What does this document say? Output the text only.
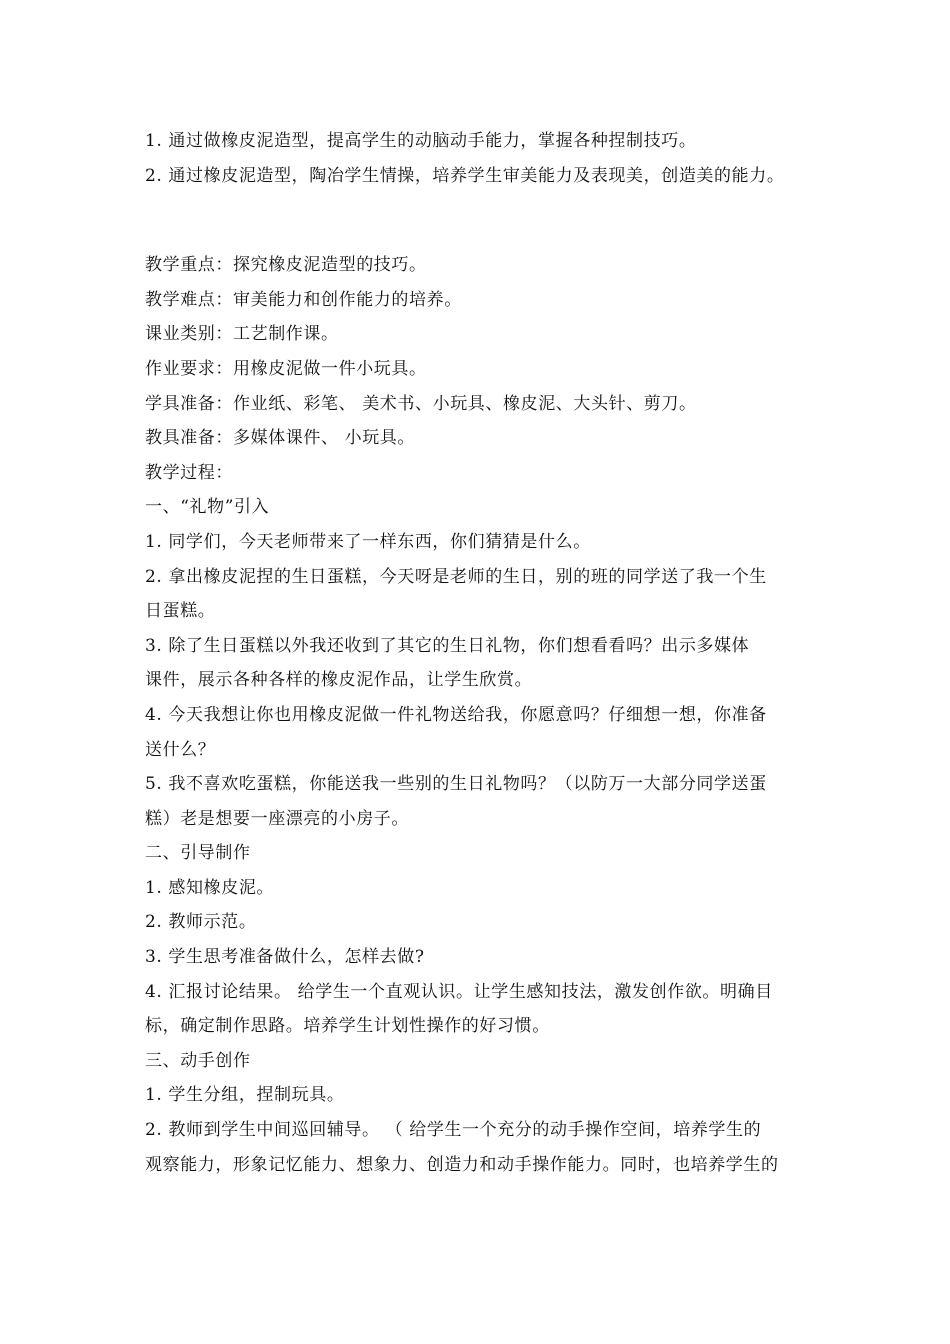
1. 通过做橡皮泥造型，提高学生的动脑动手能力，掌握各种捏制技巧。
2. 通过橡皮泥造型，陶冶学生情操，培养学生审美能力及表现美，创造美的能力。
教学重点：探究橡皮泥造型的技巧。
教学难点：审美能力和创作能力的培养。
课业类别：工艺制作课。
作业要求：用橡皮泥做一件小玩具。
学具准备：作业纸、彩笔、 美术书、小玩具、橡皮泥、大头针、剪刀。
教具准备：多媒体课件、 小玩具。
教学过程：
一、“礼物”引入
1. 同学们，今天老师带来了一样东西，你们猜猜是什么。
2. 拿出橡皮泥捏的生日蛋糕，今天呀是老师的生日，别的班的同学送了我一个生
日蛋糕。
3. 除了生日蛋糕以外我还收到了其它的生日礼物，你们想看看吗？出示多媒体
课件，展示各种各样的橡皮泥作品，让学生欣赏。
4. 今天我想让你也用橡皮泥做一件礼物送给我，你愿意吗？仔细想一想，你准备
送什么？
5. 我不喜欢吃蛋糕，你能送我一些别的生日礼物吗？（以防万一大部分同学送蛋
糕）老是想要一座漂亮的小房子。
二、引导制作
1. 感知橡皮泥。
2. 教师示范。
3. 学生思考准备做什么，怎样去做?
4. 汇报讨论结果。 给学生一个直观认识。让学生感知技法，激发创作欲。明确目
标，确定制作思路。培养学生计划性操作的好习惯。
三、动手创作
1. 学生分组，捏制玩具。
2. 教师到学生中间巡回辅导。 （ 给学生一个充分的动手操作空间，培养学生的
观察能力，形象记忆能力、想象力、创造力和动手操作能力。同时，也培养学生的
